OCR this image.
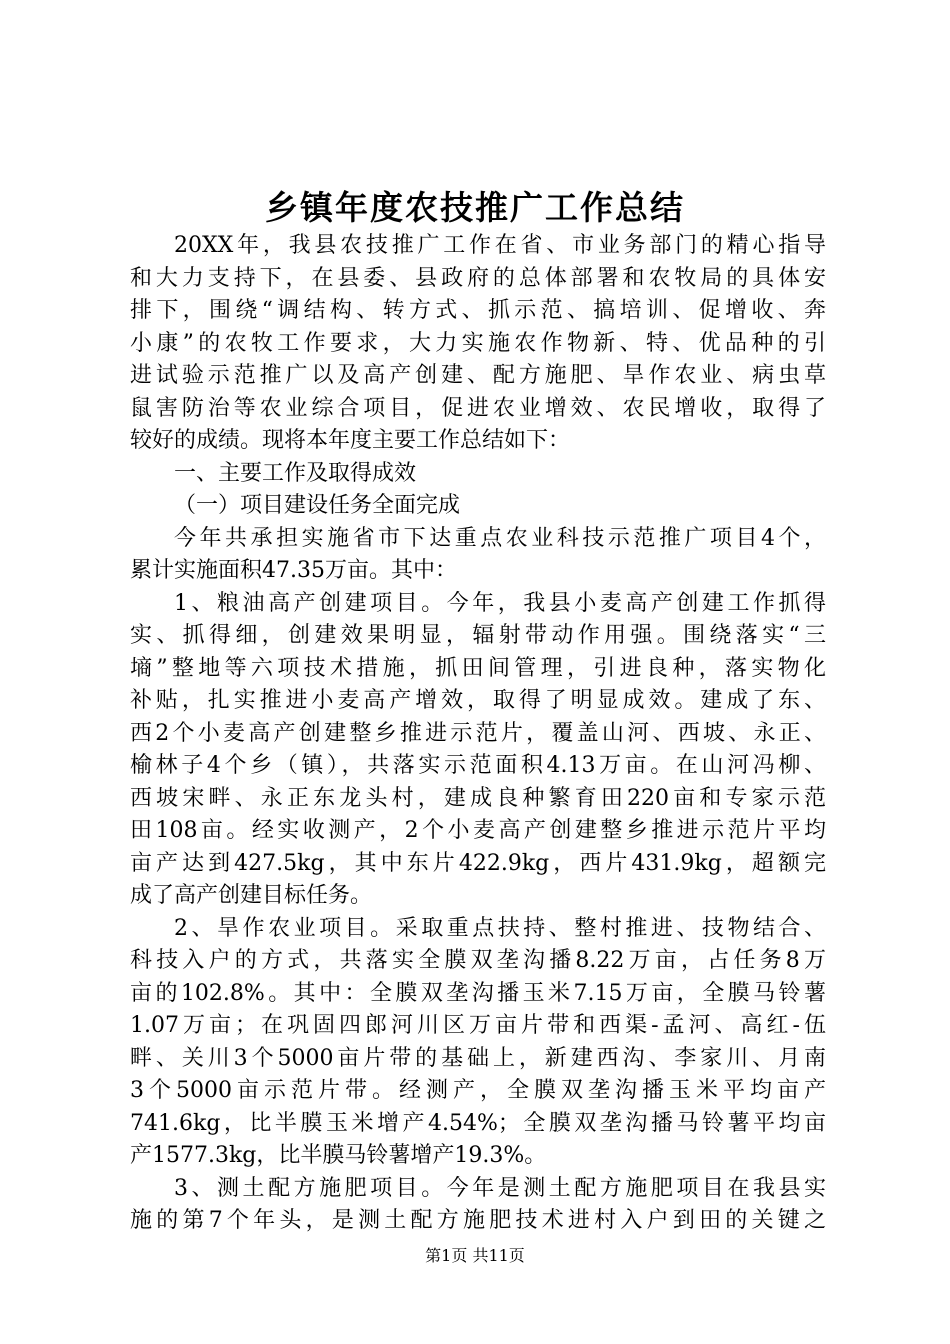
乡镇年度农技推广工作总结
20XX年，我县农技推广工作在省、市业务部门的精心指导
和大力支持下，在县委、县政府的总体部署和农牧局的具体安
排下，围绕“调结构、转方式、抓示范、搞培训、促增收、奔
小康”的农牧工作要求，大力实施农作物新、特、优品种的引
进试验示范推广以及高产创建、配方施肥、旱作农业、病虫草
鼠害防治等农业综合项目，促进农业增效、农民增收，取得了
较好的成绩。现将本年度主要工作总结如下：
一、主要工作及取得成效
（一）项目建设任务全面完成
今年共承担实施省市下达重点农业科技示范推广项目4个，
累计实施面积47.35万亩。其中：
1、粮油高产创建项目。今年，我县小麦高产创建工作抓得
实、抓得细，创建效果明显，辐射带动作用强。围绕落实“三
墒”整地等六项技术措施，抓田间管理，引进良种，落实物化
补贴，扎实推进小麦高产增效，取得了明显成效。建成了东、
西2个小麦高产创建整乡推进示范片，覆盖山河、西坡、永正、
榆林子4个乡（镇），共落实示范面积4.13万亩。在山河冯柳、
西坡宋畔、永正东龙头村，建成良种繁育田220亩和专家示范
田108亩。经实收测产，2个小麦高产创建整乡推进示范片平均
亩产达到427.5kg，其中东片422.9kg，西片431.9kg，超额完
成了高产创建目标任务。
2、旱作农业项目。采取重点扶持、整村推进、技物结合、
科技入户的方式，共落实全膜双垄沟播8.22万亩，占任务8万
亩的102.8%。其中：全膜双垄沟播玉米7.15万亩，全膜马铃薯
1.07万亩；在巩固四郎河川区万亩片带和西渠-孟河、高红-伍
畔、关川3个5000亩片带的基础上，新建西沟、李家川、月南
3个5000亩示范片带。经测产，全膜双垄沟播玉米平均亩产
741.6kg，比半膜玉米增产4.54%；全膜双垄沟播马铃薯平均亩
产1577.3kg，比半膜马铃薯增产19.3%。
3、测土配方施肥项目。今年是测土配方施肥项目在我县实
施的第7个年头，是测土配方施肥技术进村入户到田的关键之
第1页 共11页
